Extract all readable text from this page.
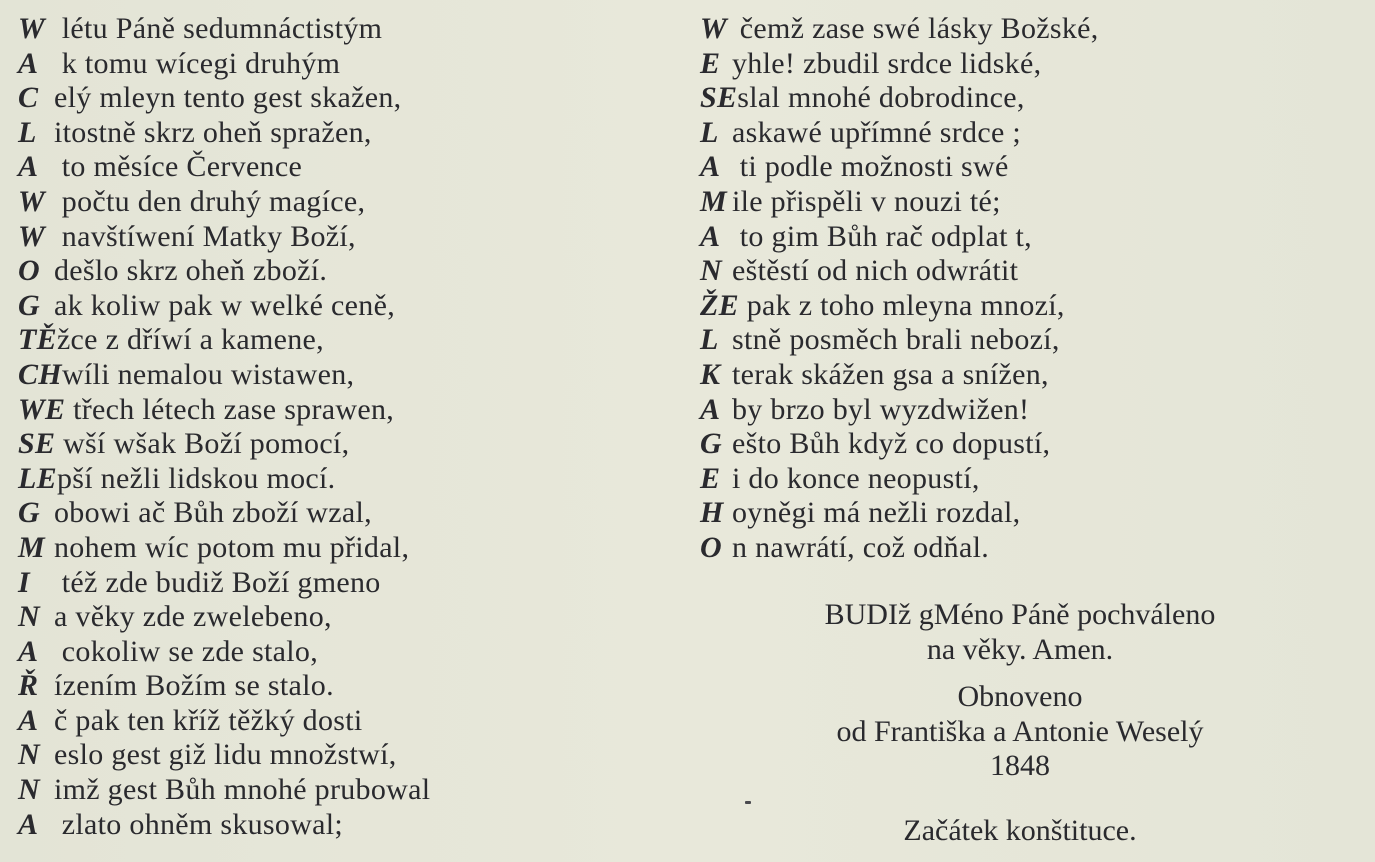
W létu Páně sedumnáctistým
A k tomu wícegi druhým
C elý mleyn tento gest skažen,
L itostně skrz oheň spražen,
A to měsíce Července
W počtu den druhý magíce,
W navštíwení Matky Boží,
O dešlo skrz oheň zboží.
G ak koliw pak w welké ceně,
TĚžce z dříwí a kamene,
CHwíli nemalou wistawen,
WE třech létech zase sprawen,
SE wší wšak Boží pomocí,
LEpší nežli lidskou mocí.
G obowi ač Bůh zboží wzal,
M nohem wíc potom mu přidal,
I též zde budiž Boží gmeno
N a věky zde zwelebeno,
A cokoliw se zde stalo,
Ř ízením Božím se stalo.
A č pak ten kříž těžký dosti
N eslo gest giž lidu množstwí,
N imž gest Bůh mnohé prubowal
A zlato ohněm skusowal;
W čemž zase swé lásky Božské,
E yhle! zbudil srdce lidské,
SEslal mnohé dobrodince,
L askawé upřímné srdce ;
A ti podle možnosti swé
M ile přispěli v nouzi té;
A to gim Bůh rač odplat t,
N eštěstí od nich odwrátit
ŽE pak z toho mleyna mnozí,
L stně posměch brali nebozí,
K terak skážen gsa a snížen,
A by brzo byl wyzdwižen!
G ešto Bůh když co dopustí,
E i do konce neopustí,
H oyněgi má nežli rozdal,
O n nawrátí, což odňal.
BUDIž gMéno Páně pochváleno
na věky. Amen.
Obnoveno
od Františka a Antonie Weselý
1848
Začátek konštituce.
